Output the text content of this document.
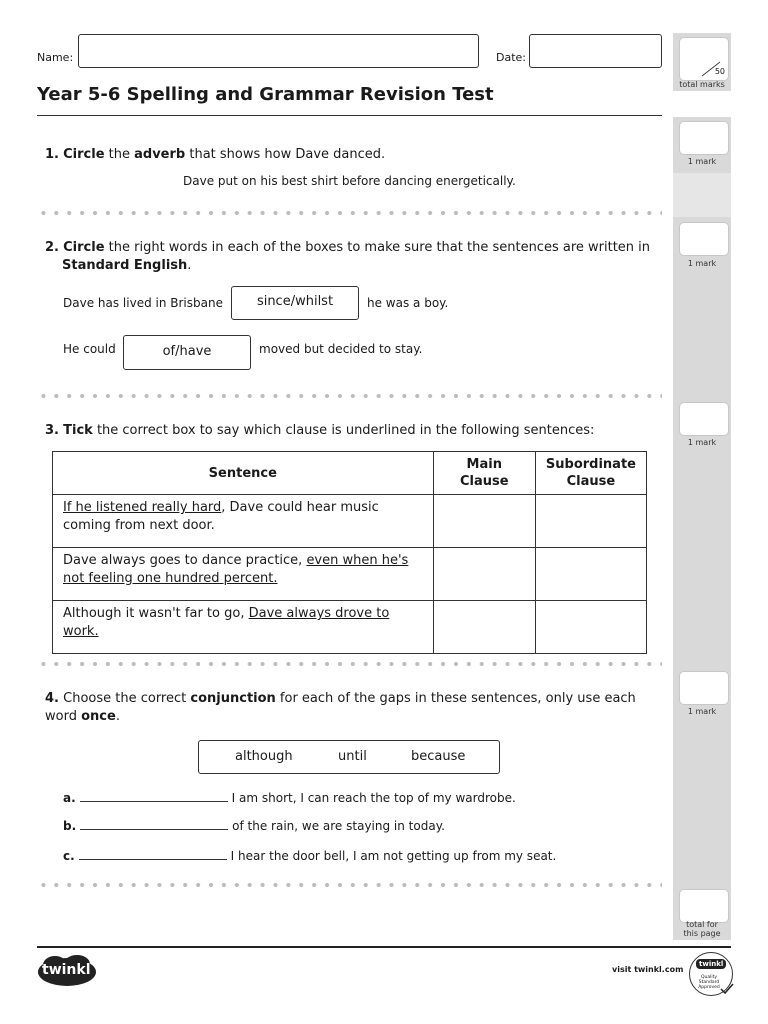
Name:	Date:
Year 5-6 Spelling and Grammar Revision Test
50
total marks
1 mark
1 mark
1 mark
1 mark
total for this page
1. Circle the adverb that shows how Dave danced.
Dave put on his best shirt before dancing energetically.
2. Circle the right words in each of the boxes to make sure that the sentences are written in
Standard English.
Dave has lived in Brisbane	since/whilst	he was a boy.
He could	of/have	moved but decided to stay.
3. Tick the correct box to say which clause is underlined in the following sentences:
Sentence	Main Clause	Subordinate Clause
If he listened really hard, Dave could hear music coming from next door.		
Dave always goes to dance practice, even when he's not feeling one hundred percent.		
Although it wasn't far to go, Dave always drove to work.		
4. Choose the correct conjunction for each of the gaps in these sentences, only use each word once.
although	until	because
a.	I am short, I can reach the top of my wardrobe.
b.	of the rain, we are staying in today.
c.	I hear the door bell, I am not getting up from my seat.
twinkl	visit twinkl.com
twinkl
Quality Standard Approved
